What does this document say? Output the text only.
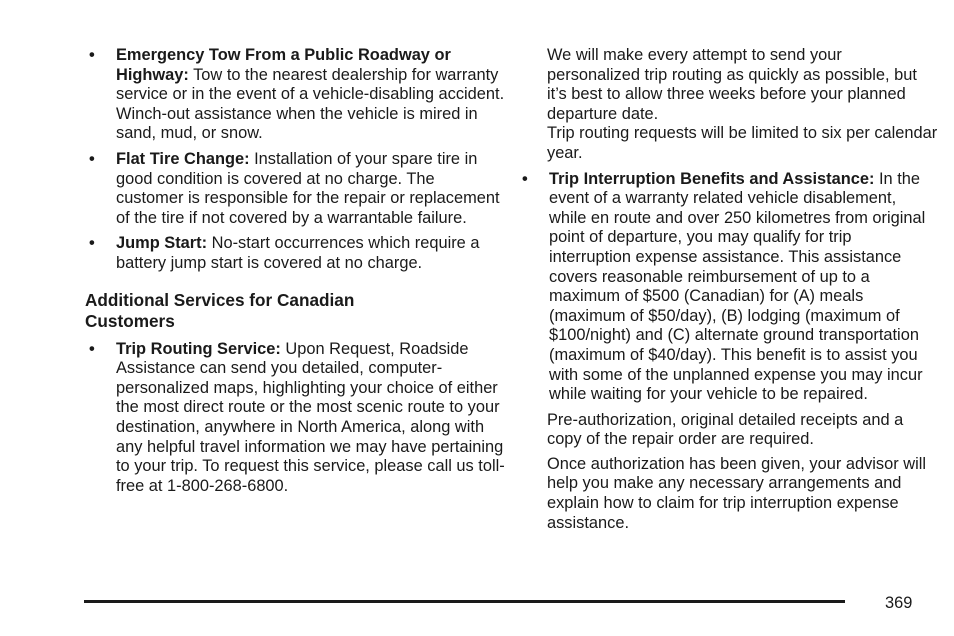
• Emergency Tow From a Public Roadway or Highway: Tow to the nearest dealership for warranty service or in the event of a vehicle-disabling accident. Winch-out assistance when the vehicle is mired in sand, mud, or snow.
• Flat Tire Change: Installation of your spare tire in good condition is covered at no charge. The customer is responsible for the repair or replacement of the tire if not covered by a warrantable failure.
• Jump Start: No-start occurrences which require a battery jump start is covered at no charge.
Additional Services for Canadian Customers
• Trip Routing Service: Upon Request, Roadside Assistance can send you detailed, computer-personalized maps, highlighting your choice of either the most direct route or the most scenic route to your destination, anywhere in North America, along with any helpful travel information we may have pertaining to your trip. To request this service, please call us toll-free at 1-800-268-6800.
We will make every attempt to send your personalized trip routing as quickly as possible, but it’s best to allow three weeks before your planned departure date.
Trip routing requests will be limited to six per calendar year.
• Trip Interruption Benefits and Assistance: In the event of a warranty related vehicle disablement, while en route and over 250 kilometres from original point of departure, you may qualify for trip interruption expense assistance. This assistance covers reasonable reimbursement of up to a maximum of $500 (Canadian) for (A) meals (maximum of $50/day), (B) lodging (maximum of $100/night) and (C) alternate ground transportation (maximum of $40/day). This benefit is to assist you with some of the unplanned expense you may incur while waiting for your vehicle to be repaired.
Pre-authorization, original detailed receipts and a copy of the repair order are required.
Once authorization has been given, your advisor will help you make any necessary arrangements and explain how to claim for trip interruption expense assistance.
369
